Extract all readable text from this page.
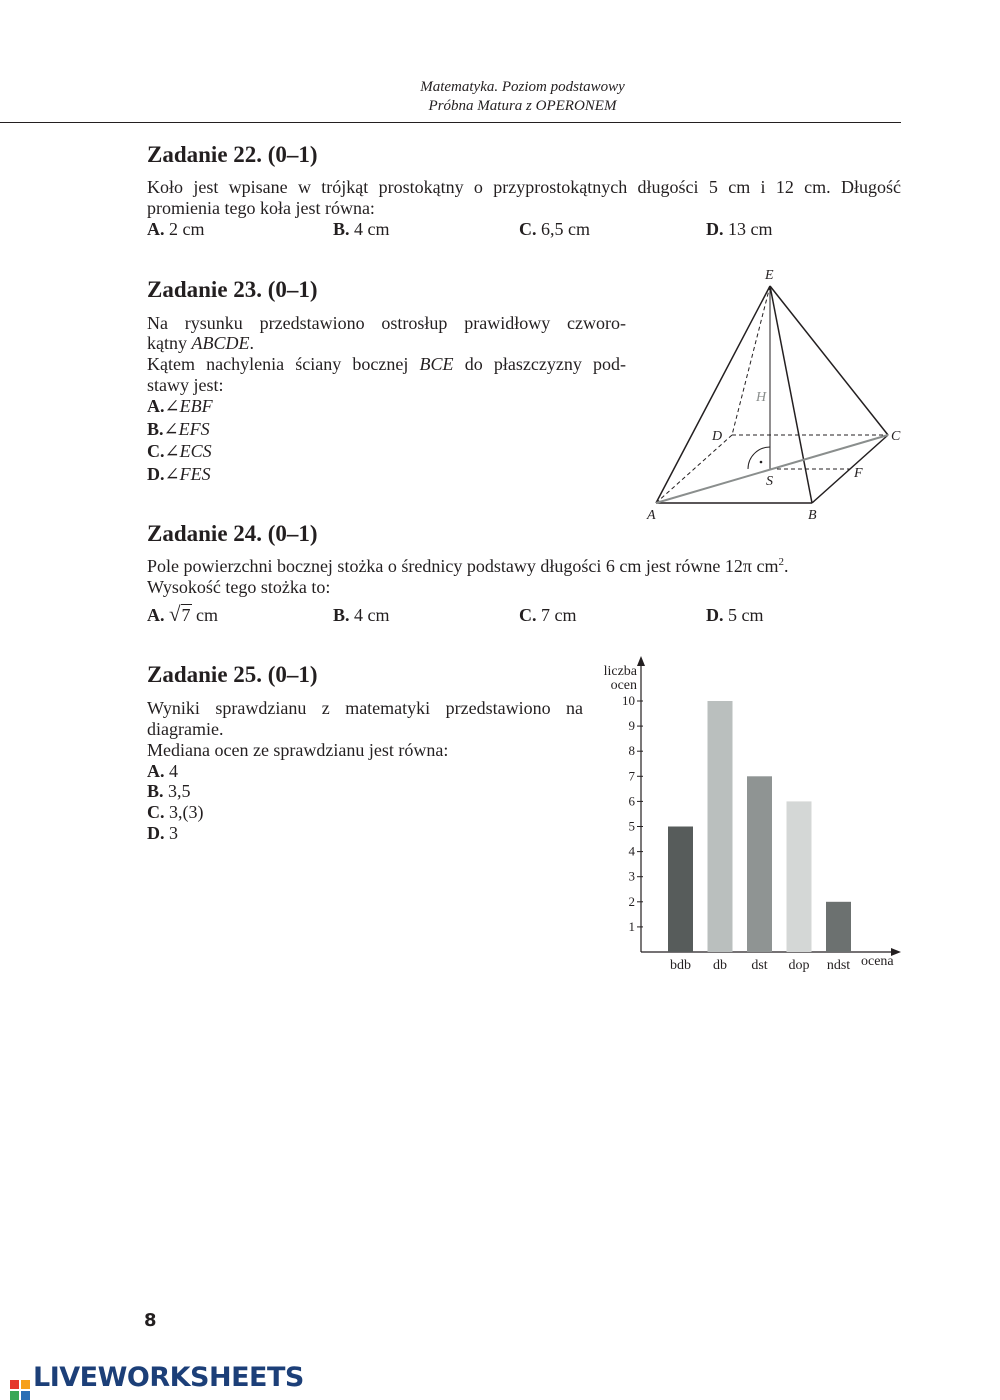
Matematyka. Poziom podstawowy
Próbna Matura z OPERONEM
Zadanie 22. (0–1)
Koło jest wpisane w trójkąt prostokątny o przyprostokątnych długości 5 cm i 12 cm. Długość
promienia tego koła jest równa:
A. 2 cm	B. 4 cm	C. 6,5 cm	D. 13 cm
Zadanie 23. (0–1)
Na rysunku przedstawiono ostrosłup prawidłowy czworo-
kątny ABCDE.
Kątem nachylenia ściany bocznej BCE do płaszczyzny pod-
stawy jest:
A.∠EBF
B.∠EFS
C.∠ECS
D.∠FES
E
H
D	C
F
S
A	B
Zadanie 24. (0–1)
Pole powierzchni bocznej stożka o średnicy podstawy długości 6 cm jest równe 12π $cm^2$.
Wysokość tego stożka to:
A. √7 cm	B. 4 cm	C. 7 cm	D. 5 cm
Zadanie 25. (0–1)
Wyniki sprawdzianu z matematyki przedstawiono na
diagramie.
Mediana ocen ze sprawdzianu jest równa:
A. 4
B. 3,5
C. 3,(3)
D. 3
liczba
ocen
ocena
1
2
3
4
5
6
7
8
9
10
bdb db dst dop ndst
8
LIVEWORKSHEETS
